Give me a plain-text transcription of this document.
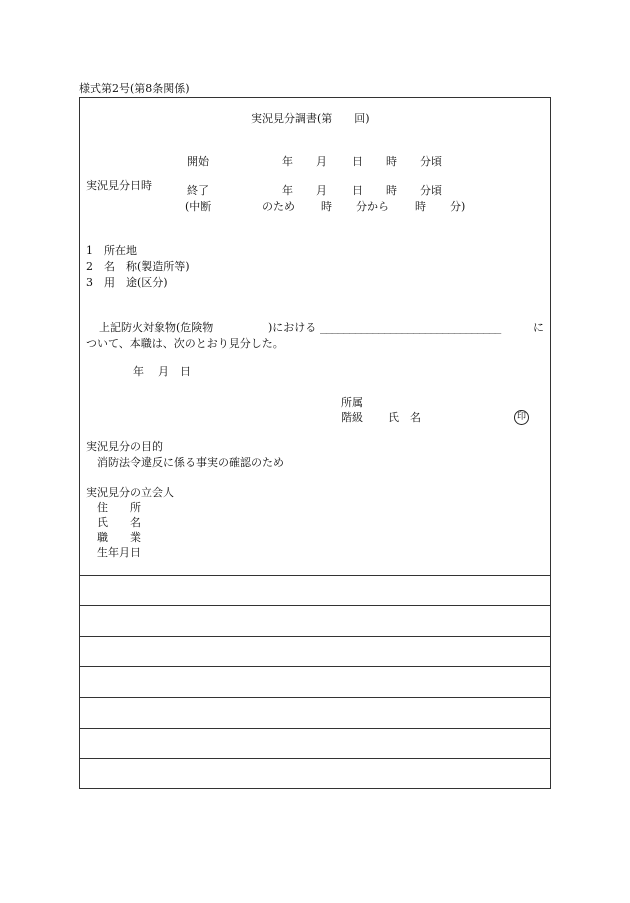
様式第2号(第8条関係)
実況見分調書(第　　回)
実況見分日時
開始	年 月 日 時 分頃
終了	年 月 日 時 分頃
(中断	のため 時 分から 時 分)
1　所在地
2　名　称(製造所等)
3　用　途(区分)
上記防火対象物(危険物	)における _______________________________	に
ついて、本職は、次のとおり見分した。
年 月 日
所属
階級 氏　名	印
実況見分の目的
消防法令違反に係る事実の確認のため
実況見分の立会人
住　　所
氏　　名
職　　業
生年月日
